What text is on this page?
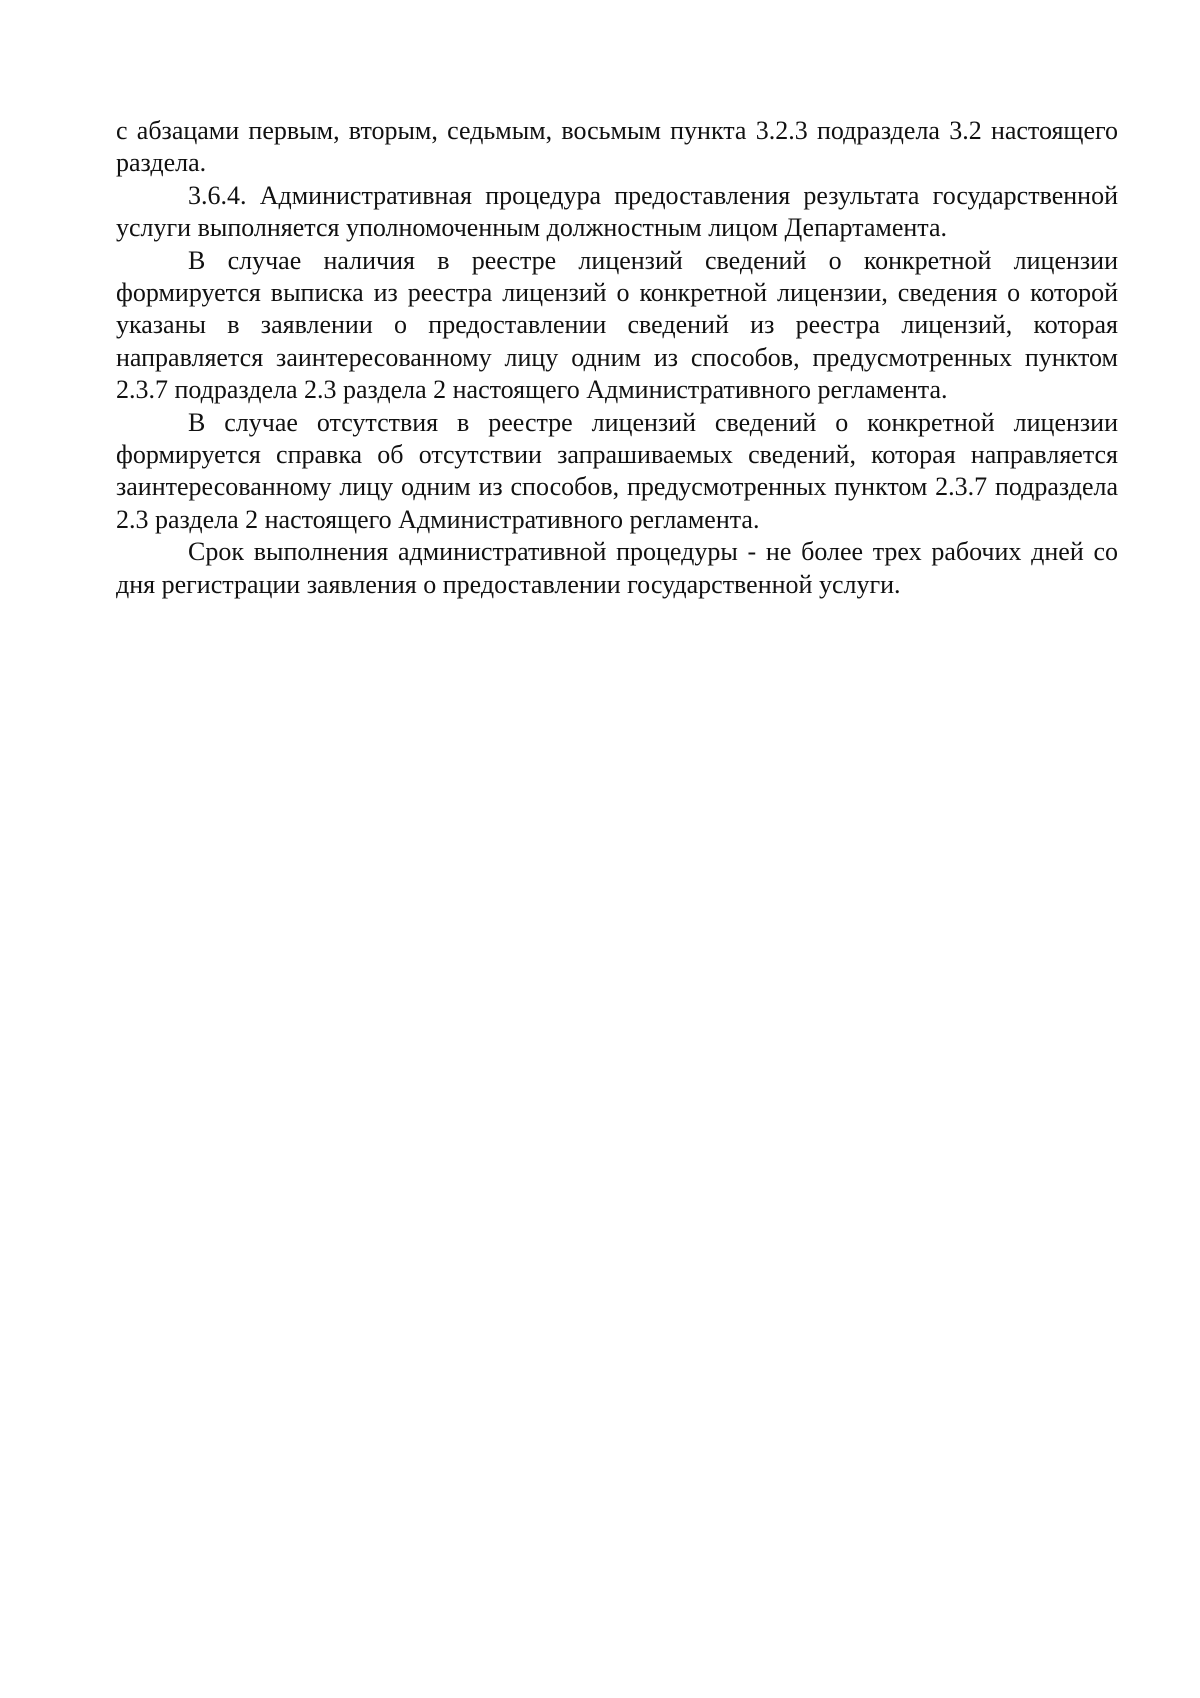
с абзацами первым, вторым, седьмым, восьмым пункта 3.2.3 подраздела 3.2 настоящего раздела.

3.6.4. Административная процедура предоставления результата государственной услуги выполняется уполномоченным должностным лицом Департамента.

В случае наличия в реестре лицензий сведений о конкретной лицензии формируется выписка из реестра лицензий о конкретной лицензии, сведения о которой указаны в заявлении о предоставлении сведений из реестра лицензий, которая направляется заинтересованному лицу одним из способов, предусмотренных пунктом 2.3.7 подраздела 2.3 раздела 2 настоящего Административного регламента.

В случае отсутствия в реестре лицензий сведений о конкретной лицензии формируется справка об отсутствии запрашиваемых сведений, которая направляется заинтересованному лицу одним из способов, предусмотренных пунктом 2.3.7 подраздела 2.3 раздела 2 настоящего Административного регламента.

Срок выполнения административной процедуры - не более трех рабочих дней со дня регистрации заявления о предоставлении государственной услуги.
